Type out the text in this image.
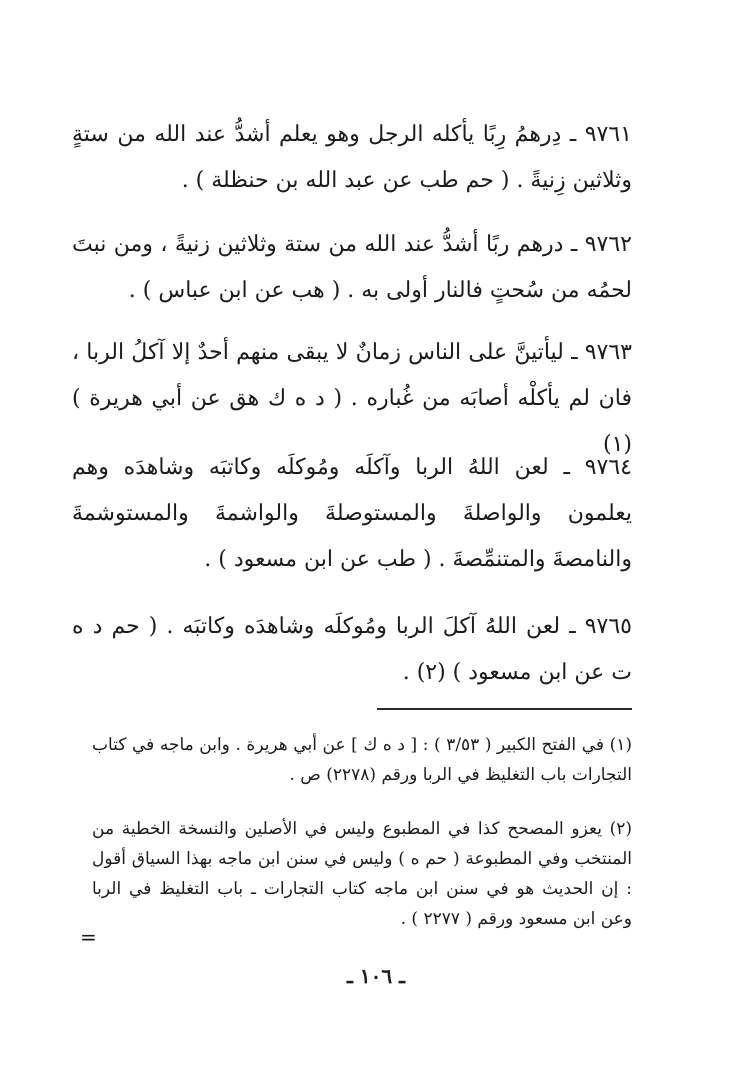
٩٧٦١ ـ دِرهمُ رِبًا يأكله الرجل وهو يعلم أشدُّ عند الله من ستةٍ وثلاثين زِنيةً . ( حم طب عن عبد الله بن حنظلة ) .

٩٧٦٢ ـ درهم ربًا أشدُّ عند الله من ستة وثلاثين زنيةً ، ومن نبتَ لحمُه من سُحتٍ فالنار أولى به . ( هب عن ابن عباس ) .

٩٧٦٣ ـ ليأتينَّ على الناس زمانٌ لا يبقى منهم أحدٌ إلا آكلُ الربا ، فان لم يأكلْه أصابَه من غُباره . ( د ه ك هق عن أبي هريرة ) (١)

٩٧٦٤ ـ لعن اللهُ الربا وآكلَه ومُوكلَه وكاتبَه وشاهدَه وهم يعلمون والواصلةَ والمستوصلةَ والواشمةَ والمستوشمةَ والنامصةَ والمتنمِّصةَ . ( طب عن ابن مسعود ) .

٩٧٦٥ ـ لعن اللهُ آكلَ الربا ومُوكلَه وشاهدَه وكاتبَه . ( حم د ه ت عن ابن مسعود ) (٢) .

(١) في الفتح الكبير ( ٣/٥٣ ) : [ د ه ك ] عن أبي هريرة . وابن ماجه في كتاب التجارات باب التغليظ في الربا ورقم (٢٢٧٨) ص .

(٢) يعزو المصحح كذا في المطبوع وليس في الأصلين والنسخة الخطية من المنتخب وفي المطبوعة ( حم ه ) وليس في سنن ابن ماجه بهذا السياق أقول : إن الحديث هو في سنن ابن ماجه كتاب التجارات ـ باب التغليظ في الربا وعن ابن مسعود ورقم ( ٢٢٧٧ ) .

=
ـ ١٠٦ ـ
